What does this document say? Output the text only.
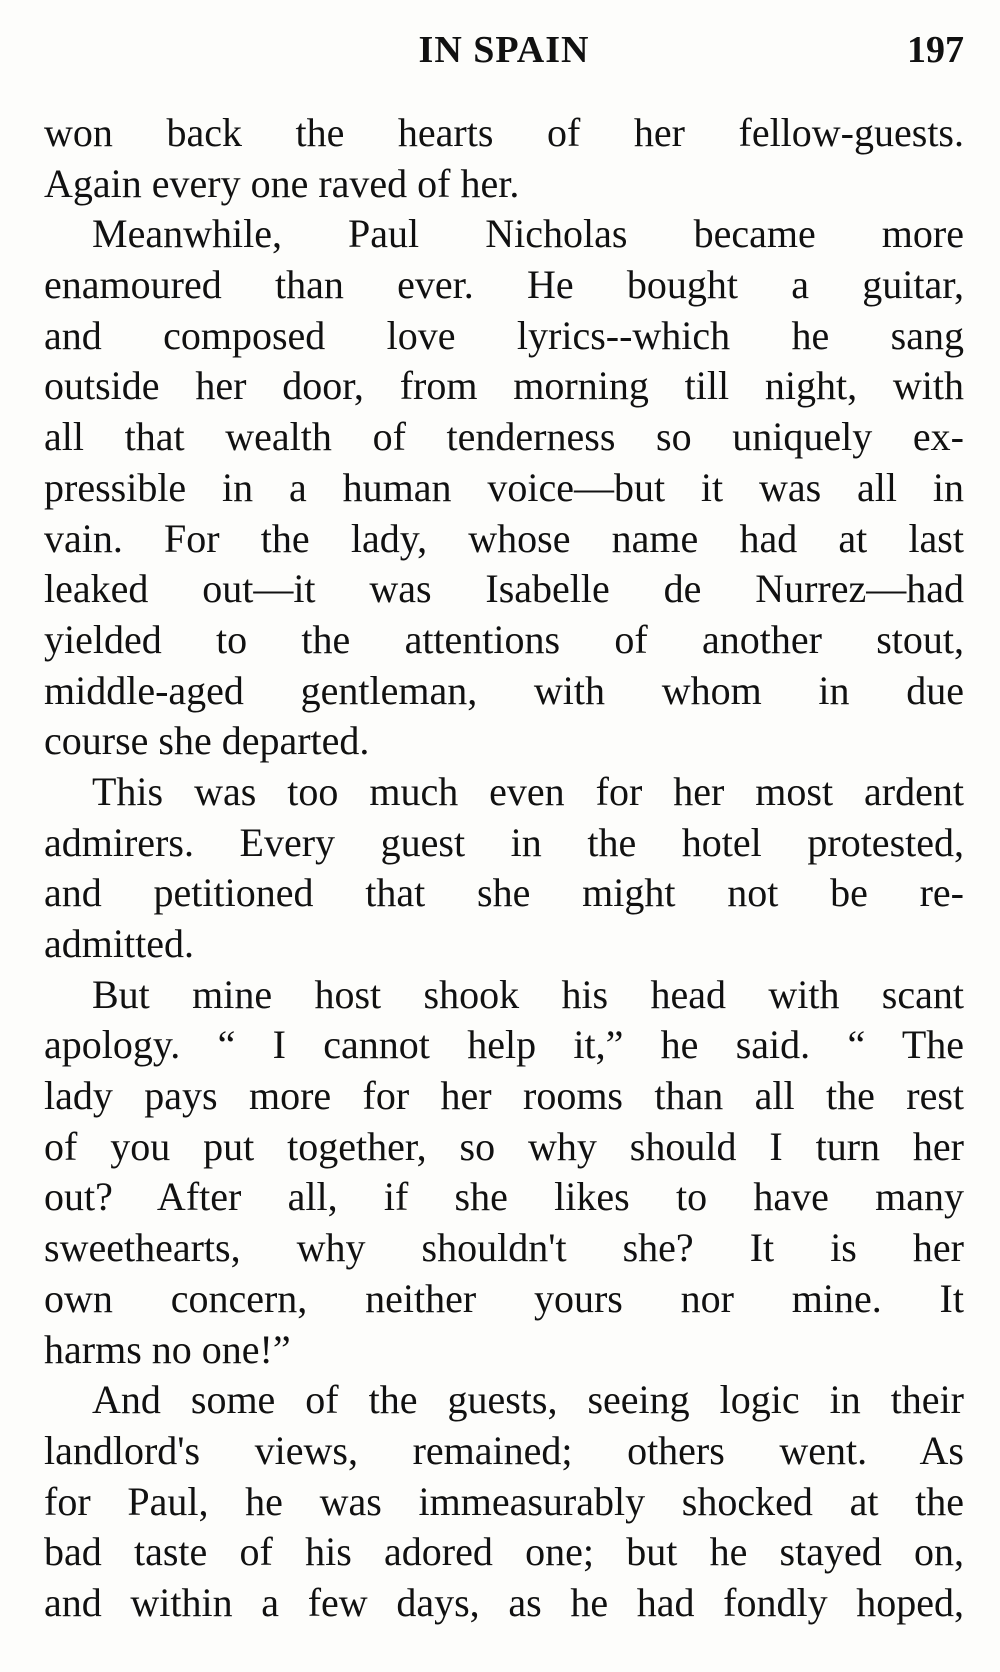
IN SPAIN	197
won back the hearts of her fellow-guests.
Again every one raved of her.
Meanwhile, Paul Nicholas became more
enamoured than ever. He bought a guitar,
and composed love lyrics--which he sang
outside her door, from morning till night, with
all that wealth of tenderness so uniquely ex-
pressible in a human voice—but it was all in
vain. For the lady, whose name had at last
leaked out—it was Isabelle de Nurrez—had
yielded to the attentions of another stout,
middle-aged gentleman, with whom in due
course she departed.
This was too much even for her most ardent
admirers. Every guest in the hotel protested,
and petitioned that she might not be re-
admitted.
But mine host shook his head with scant
apology. “ I cannot help it,” he said. “ The
lady pays more for her rooms than all the rest
of you put together, so why should I turn her
out? After all, if she likes to have many
sweethearts, why shouldn't she? It is her
own concern, neither yours nor mine. It
harms no one!”
And some of the guests, seeing logic in their
landlord's views, remained; others went. As
for Paul, he was immeasurably shocked at the
bad taste of his adored one; but he stayed on,
and within a few days, as he had fondly hoped,
